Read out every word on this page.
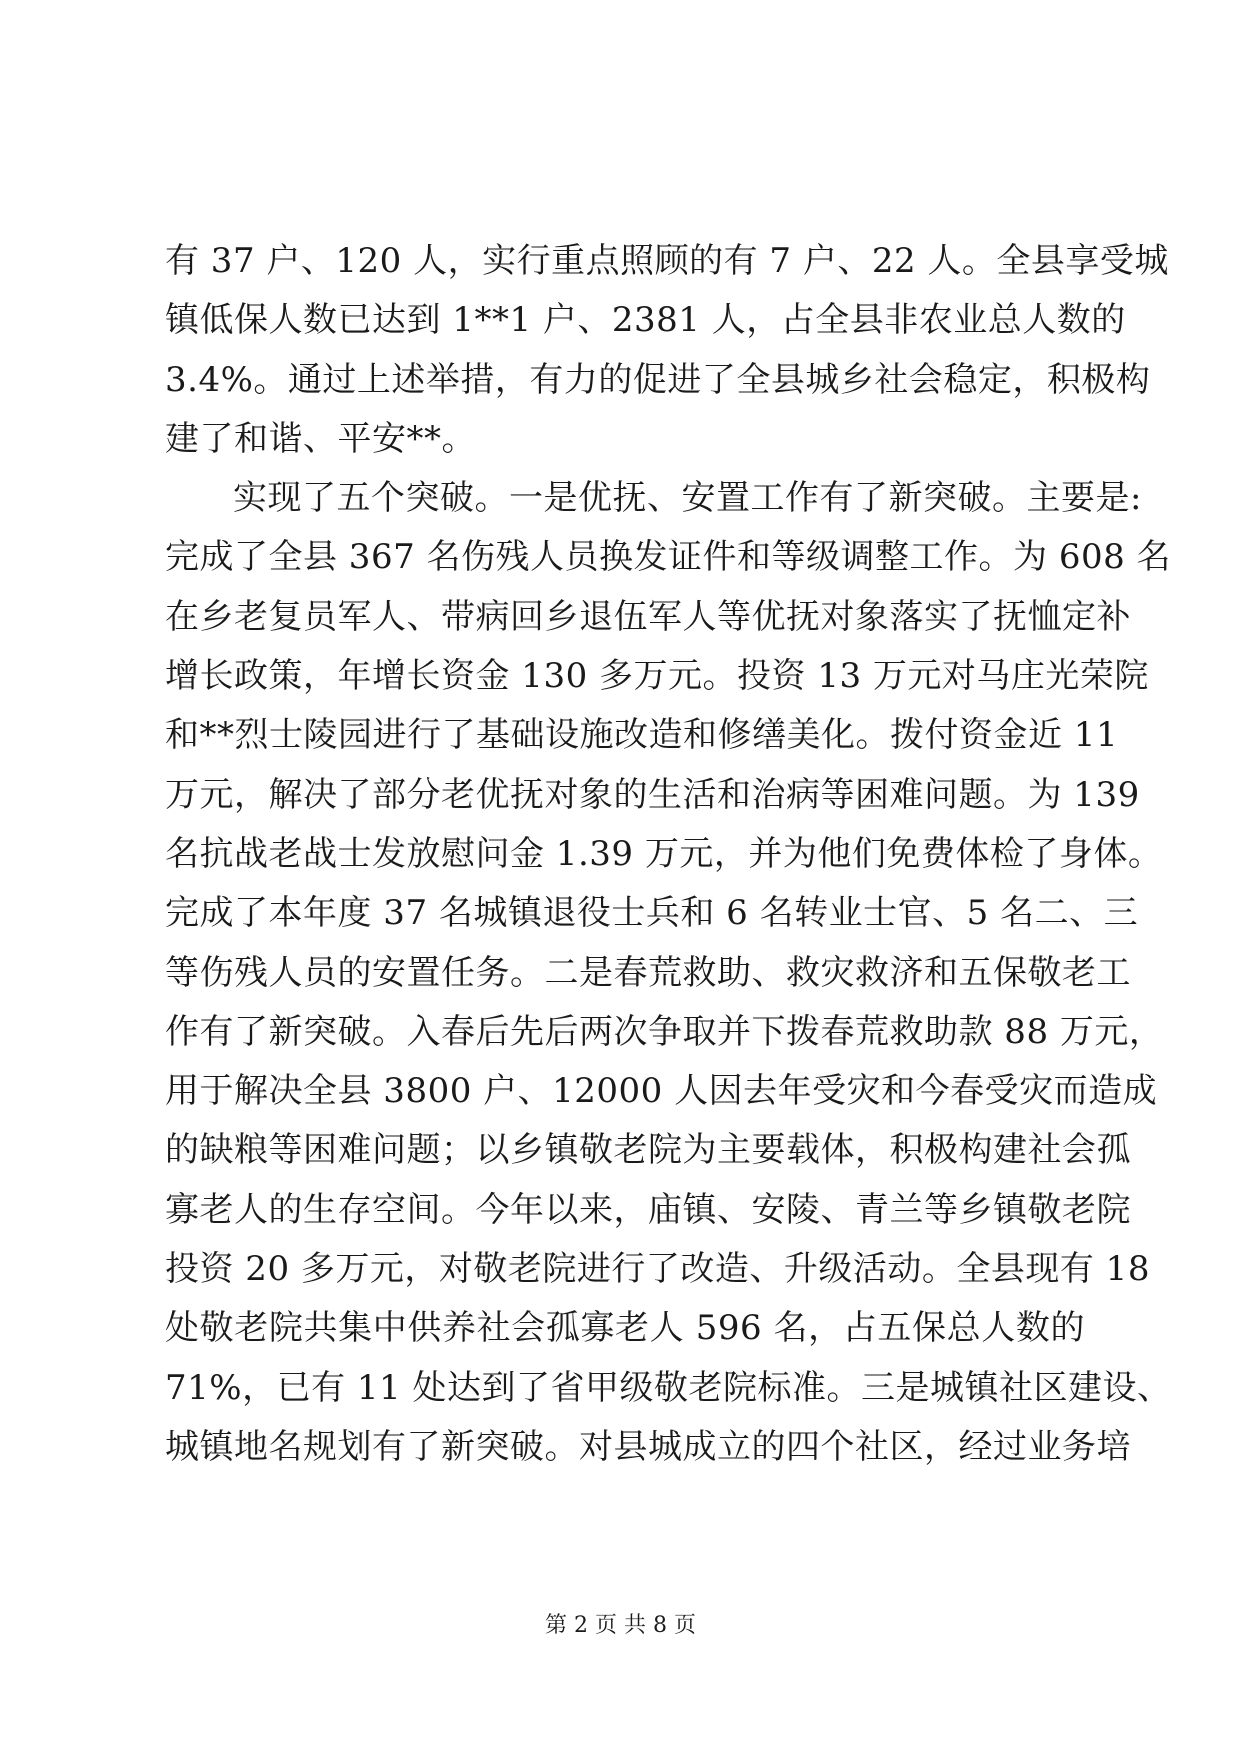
有 37 户、120 人，实行重点照顾的有 7 户、22 人。全县享受城
镇低保人数已达到 1**1 户、2381 人，占全县非农业总人数的
3.4%。通过上述举措，有力的促进了全县城乡社会稳定，积极构
建了和谐、平安**。
实现了五个突破。一是优抚、安置工作有了新突破。主要是:
完成了全县 367 名伤残人员换发证件和等级调整工作。为 608 名
在乡老复员军人、带病回乡退伍军人等优抚对象落实了抚恤定补
增长政策，年增长资金 130 多万元。投资 13 万元对马庄光荣院
和**烈士陵园进行了基础设施改造和修缮美化。拨付资金近 11
万元，解决了部分老优抚对象的生活和治病等困难问题。为 139
名抗战老战士发放慰问金 1.39 万元，并为他们免费体检了身体。
完成了本年度 37 名城镇退役士兵和 6 名转业士官、5 名二、三
等伤残人员的安置任务。二是春荒救助、救灾救济和五保敬老工
作有了新突破。入春后先后两次争取并下拨春荒救助款 88 万元，
用于解决全县 3800 户、12000 人因去年受灾和今春受灾而造成
的缺粮等困难问题；以乡镇敬老院为主要载体，积极构建社会孤
寡老人的生存空间。今年以来，庙镇、安陵、青兰等乡镇敬老院
投资 20 多万元，对敬老院进行了改造、升级活动。全县现有 18
处敬老院共集中供养社会孤寡老人 596 名，占五保总人数的
71%，已有 11 处达到了省甲级敬老院标准。三是城镇社区建设、
城镇地名规划有了新突破。对县城成立的四个社区，经过业务培
第 2 页 共 8 页
